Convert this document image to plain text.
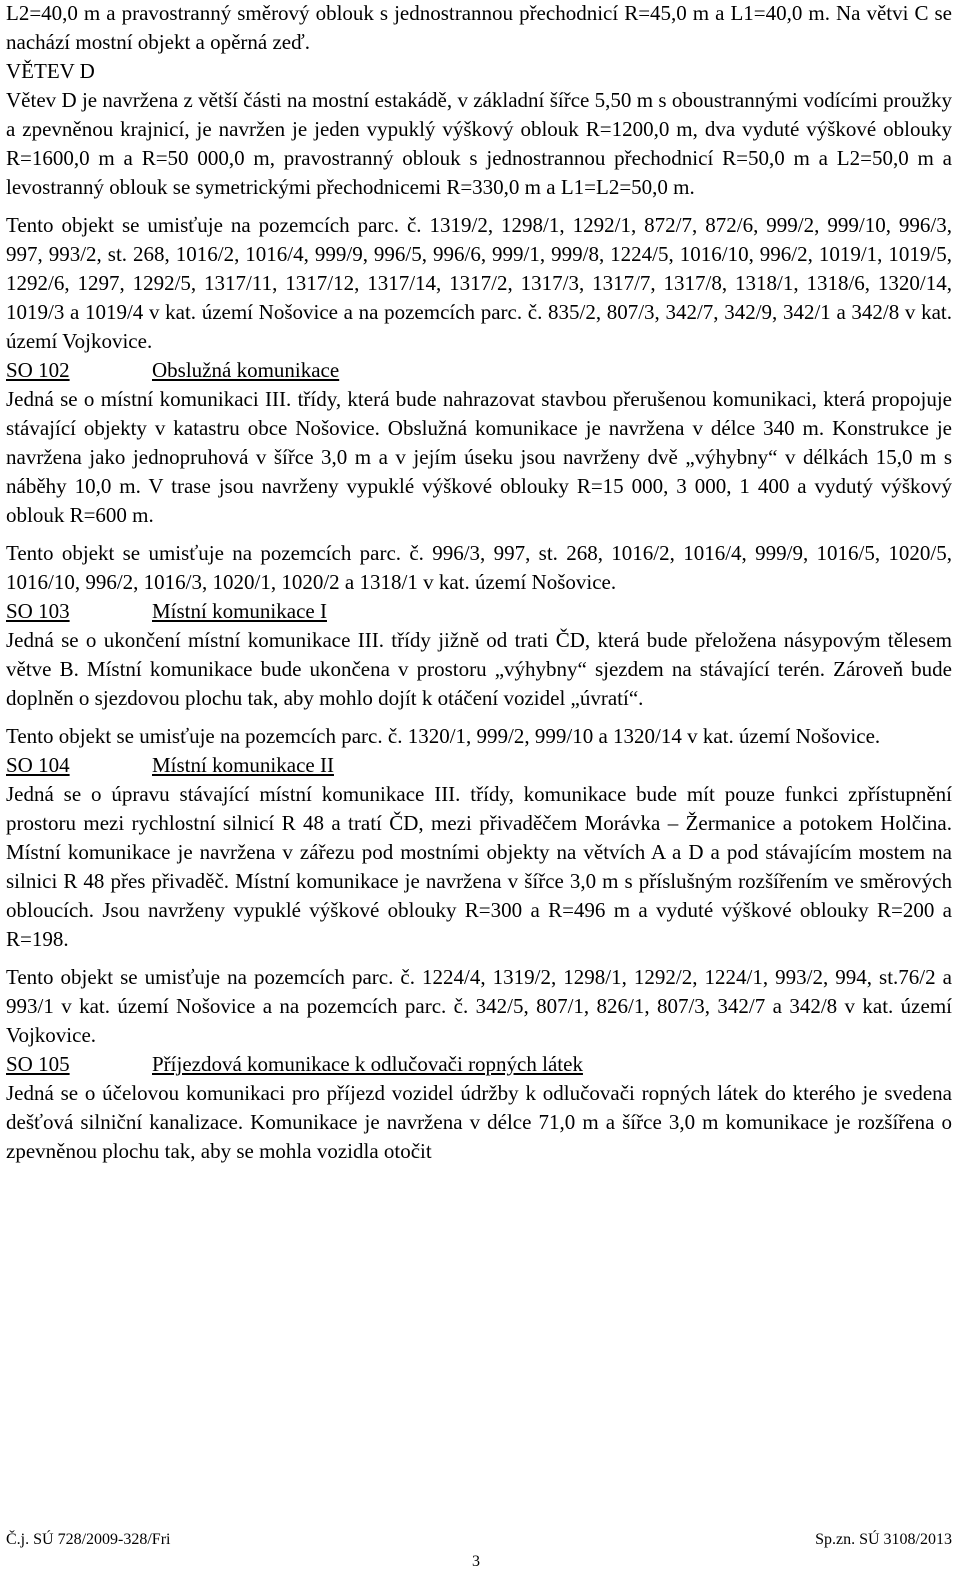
L2=40,0 m a pravostranný směrový oblouk s jednostrannou přechodnicí R=45,0 m a L1=40,0 m. Na větvi C se nachází mostní objekt a opěrná zeď.

VĚTEV D

Větev D je navržena z větší části na mostní estakádě, v základní šířce 5,50 m s oboustrannými vodícími proužky a zpevněnou krajnicí, je navržen je jeden vypuklý výškový oblouk R=1200,0 m, dva vyduté výškové oblouky R=1600,0 m a R=50 000,0 m, pravostranný oblouk s jednostrannou přechodnicí R=50,0 m a L2=50,0 m a levostranný oblouk se symetrickými přechodnicemi R=330,0 m a L1=L2=50,0 m.

Tento objekt se umisťuje na pozemcích parc. č. 1319/2, 1298/1, 1292/1, 872/7, 872/6, 999/2, 999/10, 996/3, 997, 993/2, st. 268, 1016/2, 1016/4, 999/9, 996/5, 996/6, 999/1, 999/8, 1224/5, 1016/10, 996/2, 1019/1, 1019/5, 1292/6, 1297, 1292/5, 1317/11, 1317/12, 1317/14, 1317/2, 1317/3, 1317/7, 1317/8, 1318/1, 1318/6, 1320/14, 1019/3 a 1019/4 v kat. území Nošovice a na pozemcích parc. č. 835/2, 807/3, 342/7, 342/9, 342/1 a 342/8 v kat. území Vojkovice.

SO 102	Obslužná komunikace

Jedná se o místní komunikaci III. třídy, která bude nahrazovat stavbou přerušenou komunikaci, která propojuje stávající objekty v katastru obce Nošovice. Obslužná komunikace je navržena v délce 340 m. Konstrukce je navržena jako jednopruhová v šířce 3,0 m a v jejím úseku jsou navrženy dvě „výhybny“ v délkách 15,0 m s náběhy 10,0 m. V trase jsou navrženy vypuklé výškové oblouky R=15 000, 3 000, 1 400 a vydutý výškový oblouk R=600 m.

Tento objekt se umisťuje na pozemcích parc. č. 996/3, 997, st. 268, 1016/2, 1016/4, 999/9, 1016/5, 1020/5, 1016/10, 996/2, 1016/3, 1020/1, 1020/2 a 1318/1 v kat. území Nošovice.

SO 103	Místní komunikace I

Jedná se o ukončení místní komunikace III. třídy jižně od trati ČD, která bude přeložena násypovým tělesem větve B. Místní komunikace bude ukončena v prostoru „výhybny“ sjezdem na stávající terén. Zároveň bude doplněn o sjezdovou plochu tak, aby mohlo dojít k otáčení vozidel „úvratí“.

Tento objekt se umisťuje na pozemcích parc. č. 1320/1, 999/2, 999/10 a 1320/14 v kat. území Nošovice.

SO 104	Místní komunikace II

Jedná se o úpravu stávající místní komunikace III. třídy, komunikace bude mít pouze funkci zpřístupnění prostoru mezi rychlostní silnicí R 48 a tratí ČD, mezi přivaděčem Morávka – Žermanice a potokem Holčina. Místní komunikace je navržena v zářezu pod mostními objekty na větvích A a D a pod stávajícím mostem na silnici R 48 přes přivaděč. Místní komunikace je navržena v šířce 3,0 m s příslušným rozšířením ve směrových obloucích. Jsou navrženy vypuklé výškové oblouky R=300 a R=496 m a vyduté výškové oblouky R=200 a R=198.

Tento objekt se umisťuje na pozemcích parc. č. 1224/4, 1319/2, 1298/1, 1292/2, 1224/1, 993/2, 994, st.76/2 a 993/1 v kat. území Nošovice a na pozemcích parc. č. 342/5, 807/1, 826/1, 807/3, 342/7 a 342/8 v kat. území Vojkovice.

SO 105	Příjezdová komunikace k odlučovači ropných látek

Jedná se o účelovou komunikaci pro příjezd vozidel údržby k odlučovači ropných látek do kterého je svedena dešťová silniční kanalizace. Komunikace je navržena v délce 71,0 m a šířce 3,0 m komunikace je rozšířena o zpevněnou plochu tak, aby se mohla vozidla otočit

Č.j. SÚ 728/2009-328/Fri	Sp.zn. SÚ 3108/2013
3
